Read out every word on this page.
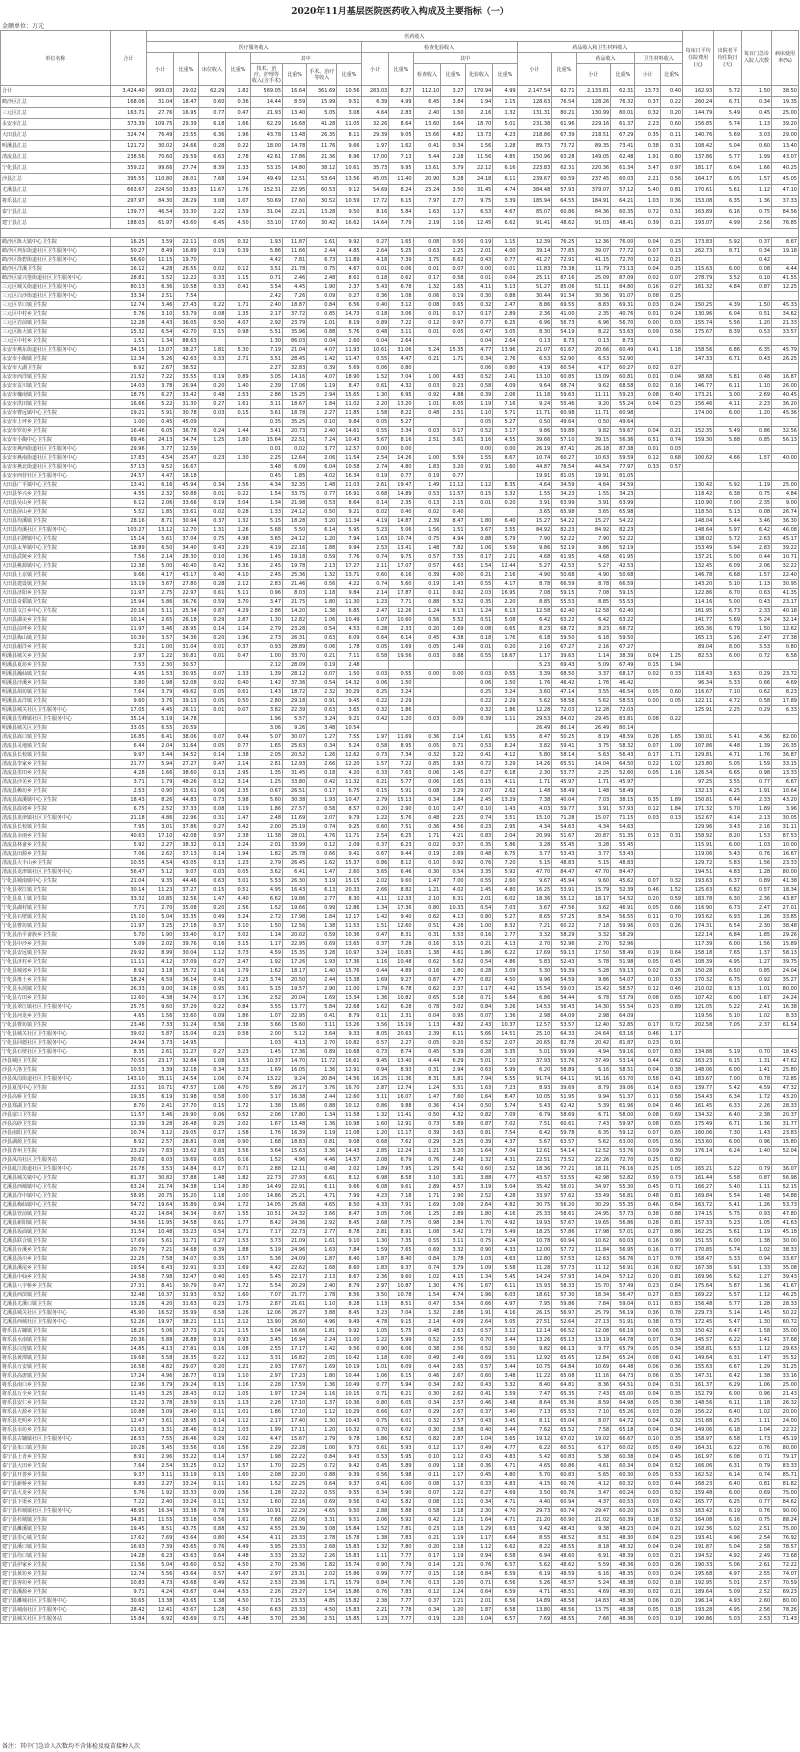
2020年11月基层医院医药收入构成及主要指标（一）
金额单位：万元
单位名称	合计	医药收入																				每床日平均住院费用(元)	出院者平均住院日(天)	每百门急诊入院人次数	病床使用率(%)
		医疗服务收入								检查化验收入						药品收入和卫生材料收入									
		小计	比重%	床位收入	比重%	其中				小计	比重%	其中				小计	比重%	药品收入		卫生材料收入					
						技术、治疗、护理等收入(含手术)	比重%	手术、治疗等收入	比重%			检查收入	比重%	化验收入	比重%			小计	比重%	小计	比重%				
合计	3,424.40	993.03	29.02	62.29	1.82	569.05	16.64	361.69	10.56	283.03	8.27	112.10	3.27	170.94	4.99	2,147.54	62.71	2,133.81	62.31	13.73	0.40	162.93	5.72	1.50	38.50
鹤沙区汇总	168.06	31.04	18.47	0.60	0.36	14.44	8.59	15.99	9.51	6.39	4.99	6.45	3.84	1.94	1.15	128.63	76.54	128.26	76.32	0.37	0.22	260.24	6.71	0.34	19.35
三元区汇总	163.71	27.76	16.95	0.77	0.47	21.93	13.40	5.05	3.08	4.64	2.83	2.40	1.50	2.16	1.32	131.31	80.21	130.99	80.01	0.32	0.20	144.79	5.49	0.45	25.00
永安市汇总	373.39	109.75	29.39	6.18	1.66	62.29	16.68	41.28	11.05	32.26	8.64	13.60	3.64	18.70	5.01	231.38	61.96	229.16	61.37	2.23	0.60	156.85	5.74	1.13	39.20
大田县汇总	324.74	76.49	23.55	6.36	1.96	43.78	13.48	26.35	8.11	29.39	9.05	15.66	4.82	13.73	4.23	218.86	67.39	218.51	67.29	0.35	0.11	140.76	5.69	3.03	29.00
明溪县汇总	121.72	30.02	24.66	0.28	0.22	18.00	14.78	11.76	9.66	1.97	1.62	0.41	0.34	1.56	1.28	89.73	73.72	89.35	73.41	0.38	0.31	108.42	5.04	0.60	13.40
清流县汇总	238.56	70.60	29.59	6.63	2.78	42.61	17.86	21.36	8.96	17.00	7.13	5.44	2.28	11.56	4.85	150.96	63.28	149.05	62.48	1.91	0.80	137.86	5.77	1.99	43.07
宁化县汇总	359.22	99.66	27.74	8.39	2.33	53.15	14.80	38.12	10.61	35.73	9.95	13.61	3.79	22.12	6.16	223.83	62.31	220.36	61.34	3.47	0.97	181.17	6.04	1.66	40.25
沙县汇总	395.55	110.80	28.01	7.68	1.94	49.49	12.51	53.64	13.56	45.05	11.40	20.90	5.28	24.18	6.11	239.67	60.59	237.45	60.03	2.21	0.56	164.17	6.05	1.57	45.05
尤溪县汇总	663.67	224.50	33.83	11.67	1.76	152.31	22.95	60.53	9.12	54.69	8.24	23.24	3.50	31.45	4.74	384.48	57.93	379.07	57.12	5.40	0.81	170.61	5.61	1.12	47.10
将乐县汇总	297.97	84.30	28.29	3.08	1.07	50.69	17.60	30.52	10.59	17.72	6.15	7.97	2.77	9.75	3.39	185.94	64.55	184.91	64.21	1.03	0.36	153.08	6.35	1.36	37.33
泰宁县汇总	139.77	46.54	33.30	2.22	1.59	31.04	22.21	13.28	9.50	8.16	5.84	1.63	1.17	6.53	4.67	85.07	60.86	84.36	60.35	0.72	0.51	163.89	6.16	0.75	84.56
建宁县汇总	188.03	61.97	43.60	6.45	4.50	33.10	17.60	30.42	16.62	14.64	7.79	2.19	1.16	12.45	6.62	91.41	48.62	91.03	48.41	0.39	0.21	193.07	4.99	2.56	76.85

鹤沙区陈大镇中心卫生院	16.25	3.59	22.11	0.05	0.32	1.93	11.87	1.61	9.92	0.27	1.65	0.08	0.50	0.19	1.15	12.39	76.25	12.36	76.00	0.04	0.25	173.83	5.92	0.37	8.67
鹤沙区列东街道社区卫生服务中心	50.27	8.49	16.89	0.19	0.39	5.86	11.66	2.44	4.85	2.64	5.25	0.63	1.25	2.01	4.00	39.14	77.85	39.07	77.72	0.07	0.13	262.73	8.71	0.34	19.18
鹤沙区徐碧街道社区卫生服务中心	56.60	11.15	19.70			4.42	7.81	6.73	11.89	4.18	7.39	3.75	6.62	0.43	0.77	41.27	72.91	41.15	72.70	0.12	0.21			0.42	
鹤沙区洋溪卫生院	16.12	4.28	26.55	0.02	0.12	3.51	21.78	0.75	4.67	0.01	0.06	0.01	0.07	0.00	0.01	11.83	73.38	11.79	73.13	0.04	0.25	115.63	6.00	0.08	4.44
鹤沙区富兴堡街道社区卫生服务中心	28.81	3.52	12.22	0.33	1.15	0.71	2.46	2.48	8.61	0.18	0.62	0.17	0.58	0.01	0.04	25.11	87.16	25.09	87.09	0.02	0.07	278.79	3.52	0.10	41.55
三元区城关街道社区卫生服务中心	80.13	6.36	10.58	0.33	0.41	3.54	4.45	1.90	2.37	5.43	6.78	1.32	1.65	4.11	5.13	51.27	85.06	51.11	84.80	0.16	0.27	161.32	4.84	0.87	12.25
三元区白沙街道社区卫生服务中心	33.34	2.51	7.54			2.42	7.26	0.09	0.27	0.36	1.08	0.06	0.19	0.30	0.88	30.44	91.34	30.36	91.07	0.08	0.25				
三元区莘口镇卫生院	12.74	3.46	27.43	0.22	1.71	2.40	18.87	0.84	6.56	0.40	3.12	0.08	0.65	0.32	2.47	8.86	69.55	8.83	69.31	0.03	0.24	150.25	4.39	1.50	45.33
三元区中村乡卫生院	5.76	3.10	53.79	0.08	1.35	2.17	37.72	0.85	14.73	0.18	3.06	0.01	0.17	0.17	2.89	2.36	41.00	2.35	40.76	0.01	0.24	130.96	6.04	0.51	34.62
三元区岩前镇卫生院	12.28	4.43	36.05	0.50	4.07	2.92	23.79	1.01	8.19	0.89	7.22	0.12	0.97	0.77	6.25	6.96	56.73	6.96	56.70	0.00	0.03	155.74	5.56	1.20	21.33
三元区陈大镇卫生院	15.32	6.54	42.70	0.15	0.98	5.51	35.96	0.88	5.76	0.48	3.11	0.01	0.05	0.47	3.05	8.30	54.19	8.22	53.63	0.09	0.56	175.67	8.39	0.53	33.57
三元区中村乡卫生院	1.51	1.34	88.63			1.30	86.03	0.04	2.60	0.04	2.64			0.04	2.64	0.13	8.73	0.13	8.73						
永安市燕东街道社区卫生服务中心	34.15	13.07	38.27	1.81	5.30	7.19	21.04	4.07	11.93	10.61	31.06	5.24	15.35	4.77	13.96	21.07	61.67	20.66	60.49	0.41	1.18	158.56	6.86	6.35	45.79
永安市小陶镇卫生院	12.34	5.26	42.63	0.33	2.71	3.51	28.45	1.42	11.47	0.55	4.47	0.21	1.71	0.34	2.76	6.53	52.90	6.53	52.90			147.33	6.71	0.43	26.25
永安市大湖卫生院	6.92	2.67	38.52			2.27	32.83	0.39	5.69	0.06	0.80			0.06	0.80	4.19	60.54	4.17	60.27	0.02	0.27				
永安市西洋镇卫生院	21.52	7.22	33.55	0.19	0.89	3.05	14.16	4.07	18.90	1.52	7.04	1.00	4.63	0.52	2.41	13.10	60.85	13.09	60.81	0.01	0.04	98.68	5.81	0.48	16.87
永安市贡川镇卫生院	14.03	3.78	26.94	0.20	1.40	2.39	17.06	1.19	8.47	0.61	4.32	0.03	0.23	0.58	4.09	9.64	68.74	9.62	68.58	0.02	0.16	146.77	6.11	1.10	26.00
永安市槐南镇卫生院	18.75	6.27	33.42	0.48	2.53	2.86	15.25	2.94	15.65	1.30	6.95	0.92	4.88	0.39	2.06	11.18	59.63	11.11	59.23	0.08	0.40	173.21	3.00	2.69	40.45
永安市洪田镇卫生院	16.66	5.22	31.30	0.27	1.61	3.11	18.67	1.84	11.02	2.20	13.20	1.01	6.05	1.19	7.16	9.24	55.46	9.20	55.24	0.04	0.23	156.46	4.11	2.23	36.20
永安市曹远镇中心卫生院	19.21	5.91	30.78	0.03	0.15	3.61	18.78	2.27	11.85	1.58	8.22	0.48	2.51	1.10	5.71	11.71	60.98	11.71	60.98			174.00	6.00	1.20	45.36
永安市上坪乡卫生院	1.00	0.45	45.09			0.35	35.25	0.10	9.84	0.05	5.27			0.05	5.27	0.50	49.64	0.50	49.64						
永安市罗坊乡卫生院	16.46	6.05	36.78	0.24	1.44	3.41	20.73	2.40	14.61	0.55	3.34	0.03	0.17	0.52	3.17	9.86	59.88	9.82	59.67	0.04	0.21	152.35	5.49	0.86	32.56
永安市小陶中心卫生院	69.46	24.13	34.74	1.25	1.80	15.64	22.51	7.24	10.43	5.67	8.16	2.51	3.61	3.16	4.55	39.66	57.10	39.15	56.36	0.51	0.74	159.30	5.88	0.85	56.13
永安市燕西街道社区卫生服务中心	29.96	3.77	12.59			0.01	0.02	3.77	12.57	0.00	0.00			0.00	0.00	26.19	87.41	26.18	87.38	0.01	0.03				
永安市燕南街道社区卫生服务中心	17.83	4.54	25.47	0.23	1.30	2.25	12.64	2.06	11.54	2.54	14.26	1.00	5.59	1.55	8.67	10.74	60.27	10.63	59.59	0.12	0.68	100.62	4.66	1.57	40.00
永安市燕北街道社区卫生服务中心	57.13	9.52	16.67			3.48	6.09	6.04	10.58	2.74	4.80	1.83	3.20	0.91	1.60	44.87	78.54	44.54	77.97	0.33	0.57				
永安市西营社区卫生服务中心	24.57	4.47	18.18			0.45	1.85	4.02	16.34	0.19	0.77	0.19	0.77			19.91	81.05	19.91	81.05						
大田县广平镇中心卫生院	13.41	6.16	45.94	0.34	2.56	4.34	32.35	1.48	11.03	2.61	19.47	1.49	11.12	1.12	8.35	4.64	34.59	4.64	34.59			130.42	5.92	1.19	25.00
大田县华兴乡卫生院	4.55	2.32	50.88	0.01	0.22	1.54	33.75	0.77	16.91	0.68	14.89	0.53	11.57	0.15	3.32	1.55	34.23	1.55	34.23			118.42	6.38	0.75	4.84
大田县吴山乡卫生院	6.12	2.06	33.66	0.19	3.04	1.34	21.98	0.53	8.64	0.14	2.35	0.13	2.15	0.01	0.20	3.91	63.99	3.91	63.99			110.90	7.00	2.35	9.00
大田县屏山乡卫生院	5.52	1.85	33.61	0.02	0.28	1.33	24.12	0.50	9.21	0.02	0.40	0.02	0.40			3.65	65.98	3.65	65.98			118.50	5.13	0.08	26.74
大田县均溪镇卫生院	28.16	8.71	30.94	0.37	1.32	5.15	18.28	3.20	11.34	4.19	14.87	2.39	8.47	1.80	6.40	15.27	54.22	15.27	54.22			148.04	5.44	3.46	36.30
大田县均溪社区卫生服务中心	103.27	13.12	12.70	1.31	1.26	5.68	5.50	6.14	5.95	5.23	5.06	1.56	1.51	3.67	3.55	84.92	82.23	84.92	82.23			148.64	5.97	6.42	46.08
大田县石牌镇中心卫生院	15.14	5.61	37.04	0.75	4.98	3.65	24.12	1.20	7.94	1.63	10.74	0.75	4.94	0.88	5.79	7.90	52.22	7.90	52.22			138.02	5.72	2.63	45.17
大田县太华镇中心卫生院	18.89	6.50	34.40	0.43	2.29	4.19	22.16	1.88	9.94	2.53	13.41	1.48	7.82	1.06	5.59	9.86	52.19	9.86	52.19			153.49	5.94	2.83	39.22
大田县武陵乡卫生院	7.56	2.14	28.30	0.10	1.36	1.45	19.18	0.59	7.76	0.74	9.75	0.57	7.55	0.17	2.21	4.68	61.95	4.68	61.95			137.21	5.00	0.44	10.71
大田县桃源镇中心卫生院	12.38	5.00	40.40	0.42	3.36	2.45	19.78	2.13	17.27	2.11	17.07	0.57	4.63	1.54	12.44	5.27	42.53	5.27	42.53			132.45	6.09	2.06	32.22
大田县上京镇卫生院	9.66	4.17	43.17	0.40	4.10	2.45	25.36	1.32	13.71	0.60	6.16	0.39	4.00	0.21	2.16	4.90	50.68	4.90	50.68			146.78	6.68	1.57	22.40
大田县建设镇卫生院	13.19	3.67	27.80	0.28	2.12	2.83	21.46	0.56	4.22	0.74	5.60	0.19	1.43	0.55	4.17	8.78	66.59	8.78	66.59			143.20	5.10	1.13	30.95
大田县济阳乡卫生院	11.97	2.75	22.97	0.61	5.11	0.96	8.03	1.18	9.84	2.14	17.87	0.11	0.92	2.03	16.95	7.08	59.15	7.08	59.15			122.86	6.70	0.63	41.35
大田县奇韬镇卫生院	15.94	5.86	36.76	0.59	3.70	3.47	21.75	1.80	11.30	1.23	7.71	0.88	5.52	0.35	2.20	8.85	55.53	8.85	55.53			114.16	5.00	0.43	23.17
大田县文江乡中心卫生院	20.16	5.11	25.34	0.87	4.29	2.86	14.20	1.38	6.85	2.47	12.26	1.24	6.13	1.24	6.13	12.58	62.40	12.58	62.40			161.95	6.73	2.33	40.18
大田县湖美乡卫生院	10.14	2.65	26.18	0.29	2.87	1.30	12.82	1.06	10.49	1.07	10.60	0.56	5.52	0.51	5.08	6.42	63.22	6.42	63.22			141.77	5.69	5.24	32.14
大田县前坪乡卫生院	11.97	3.46	28.95	0.14	1.14	2.79	23.28	0.54	4.53	0.28	2.33	0.20	1.69	0.08	0.65	8.23	68.72	8.23	68.72			165.36	6.79	1.50	12.62
大田县梅山镇卫生院	10.39	3.57	34.36	0.20	1.96	2.73	26.31	0.63	6.09	0.64	6.14	0.45	4.38	0.18	1.76	6.18	59.50	6.18	59.50			165.13	5.26	2.47	27.38
大田县谢洋乡卫生院	3.21	1.00	31.04	0.01	0.37	0.93	28.89	0.06	1.78	0.05	1.69	0.05	1.49	0.01	0.20	2.16	67.27	2.16	67.27			89.04	8.00	3.53	0.80
明溪县城关乡卫生院	2.97	1.22	30.81	0.01	0.47	1.00	33.70	0.21	7.11	0.58	19.56	0.03	0.88	0.55	18.67	1.17	39.63	1.14	38.39	0.04	1.25	82.53	6.00	0.72	6.58
明溪县夏坊乡卫生院	7.53	2.30	30.57			2.12	28.09	0.19	2.48							5.23	69.43	5.09	67.49	0.15	1.94				
明溪县瀚仙镇卫生院	4.95	1.53	30.95	0.07	1.33	1.39	28.12	0.07	1.50	0.03	0.55	0.00	0.00	0.03	0.55	3.39	68.50	3.37	68.17	0.02	0.33	118.43	3.63	0.29	23.72
明溪县沙溪乡卫生院	3.80	1.98	52.08	0.02	0.40	1.42	37.36	0.54	14.32	0.06	1.50			0.06	1.50	1.76	46.42	1.76	46.42			96.34	5.33	0.66	4.69
明溪县胡坊镇卫生院	7.64	3.79	49.62	0.05	0.61	1.43	18.72	2.32	30.29	0.25	3.24			0.25	3.24	3.60	47.14	3.55	46.54	0.05	0.60	116.67	7.10	0.62	8.23
明溪县盖洋镇卫生院	9.60	3.76	39.13	0.05	0.50	2.80	29.18	0.91	9.45	0.22	2.29			0.22	2.29	5.62	58.58	5.62	58.53	0.00	0.05	122.11	4.72	0.58	17.89
明溪县城关社区卫生服务中心	17.05	4.45	26.11	0.01	0.07	3.82	22.39	0.63	3.65	0.32	1.86			0.32	1.86	12.28	72.03	12.28	72.03			125.91	2.25	0.29	6.33
明溪县雪峰镇社区卫生服务中心	35.14	5.19	14.78			1.96	5.57	3.24	9.21	0.42	1.20	0.03	0.09	0.39	1.11	29.53	84.02	29.45	83.81	0.08	0.22				
明溪县城关区卫生院	33.05	6.55	20.59			3.06	9.26	3.48	10.54							26.49	80.14	26.49	80.14						
清流县嵩口镇卫生院	16.85	6.41	38.06	0.07	0.44	5.07	30.07	1.27	7.55	1.97	11.69	0.36	2.14	1.61	9.55	8.47	50.25	8.19	48.59	0.28	1.65	130.01	5.41	4.36	82.00
清流县灵地镇卫生院	6.44	2.04	31.64	0.05	0.77	1.65	25.63	0.34	5.24	0.58	8.95	0.05	0.71	0.53	8.24	3.82	59.41	3.75	58.32	0.07	1.09	107.86	4.48	1.39	26.35
清流县长校镇卫生院	9.97	3.44	34.52	0.14	1.38	2.05	20.52	1.26	12.62	0.73	7.34	0.32	3.22	0.41	4.12	5.80	58.14	5.63	56.43	0.17	1.71	129.81	4.71	1.76	36.87
清流县李家乡卫生院	21.77	5.94	27.27	0.47	2.14	2.81	12.93	2.66	12.20	1.57	7.22	0.85	3.93	0.72	3.29	14.26	65.51	14.04	64.50	0.22	1.02	123.80	5.05	1.59	33.15
清流县里田乡卫生院	4.28	1.66	38.60	0.13	2.95	1.35	31.45	0.18	4.20	0.33	7.63	0.06	1.45	0.27	6.18	2.30	53.77	2.25	52.60	0.05	1.16	126.54	6.65	0.98	13.33
清流县沙芜乡卫生院	3.71	1.79	48.26	0.12	3.14	1.25	33.80	0.42	11.32	0.21	5.77	0.06	1.65	0.15	4.11	1.71	45.97	1.71	45.97			97.25	3.55	0.77	6.67
清流县赖坊乡卫生院	2.53	0.90	35.61	0.06	2.35	0.67	26.51	0.17	6.75	0.15	5.91	0.08	3.29	0.07	2.62	1.48	58.49	1.48	58.49			132.13	4.25	1.91	10.64
清流县嵩溪镇中心卫生院	18.43	8.26	44.83	0.73	3.98	5.60	30.38	1.93	10.47	2.79	15.13	0.34	1.84	2.45	13.29	7.38	40.04	7.03	38.15	0.35	1.89	150.81	6.44	2.33	43.20
清流县温郊乡卫生院	6.75	2.52	37.33	0.08	1.19	1.86	27.57	0.58	8.57	0.20	2.90	0.10	1.47	0.10	1.43	4.03	59.77	3.91	57.93	0.12	1.84	171.32	5.70	1.89	3.96
清流县龙津镇社区卫生服务中心	21.18	4.86	22.96	0.31	1.47	2.48	11.69	2.07	9.79	1.22	5.76	0.48	2.25	0.74	3.51	15.10	71.28	15.07	71.15	0.03	0.13	152.67	4.14	2.13	30.05
清流县长校镇卫生院	7.95	3.01	37.86	0.27	3.42	2.00	25.19	0.74	9.25	0.60	7.51	0.36	4.56	0.23	2.95	4.34	54.63	4.34	54.63			129.96	3.43	2.16	31.11
清流县余朋乡卫生院	40.63	17.10	42.08	0.97	2.38	11.38	28.01	4.76	11.71	2.54	6.25	1.71	4.21	0.83	2.04	20.99	51.67	20.87	51.35	0.13	0.31	158.92	8.20	1.53	87.53
清流县林畲乡卫生院	5.92	2.27	38.32	0.13	2.24	2.01	33.99	0.12	2.09	0.37	6.23	0.02	0.37	0.35	5.86	3.28	55.45	3.28	55.45			115.91	6.00	1.03	10.00
清流县田源乡卫生院	7.06	2.62	37.13	0.14	1.94	1.82	25.78	0.66	9.41	0.67	9.44	0.19	2.69	0.48	6.75	3.77	53.43	3.77	53.43			119.06	5.43	0.76	16.67
清流县大丰山乡卫生院	10.55	4.54	43.05	0.13	1.23	2.79	26.45	1.62	15.37	0.86	8.12	0.10	0.92	0.76	7.20	5.15	48.83	5.15	48.83			129.72	5.83	1.56	23.33
清流县龙津镇社区卫生服务中心	56.47	5.12	9.07	0.03	0.05	3.62	6.41	1.47	2.60	3.65	6.46	0.30	0.54	3.35	5.92	47.70	84.47	47.70	84.47			194.51	4.83	1.28	80.00
宁化县城南镇中心卫生院	21.04	9.35	44.46	0.63	3.01	5.53	26.30	3.19	15.15	2.02	9.60	1.47	7.00	0.55	2.60	9.67	45.94	9.60	45.62	0.07	0.32	193.63	6.37	0.89	41.38
宁化县翠江镇卫生院	30.14	11.23	37.27	0.15	0.51	4.95	16.43	6.13	20.33	2.66	8.82	1.21	4.02	1.45	4.80	16.25	53.91	15.79	52.39	0.46	1.52	125.63	6.82	0.57	18.34
宁化县泉上镇卫生院	33.32	10.85	32.56	1.47	4.40	6.62	19.86	2.77	8.30	4.11	12.33	2.10	6.31	2.01	6.02	18.36	55.12	18.17	54.52	0.20	0.59	183.78	6.30	2.36	43.87
宁化县湖村镇卫生院	7.71	2.70	35.08	0.20	2.56	1.52	19.66	0.99	12.86	1.34	17.36	0.80	10.33	0.54	7.03	3.67	47.56	3.62	46.91	0.05	0.66	116.90	6.73	2.47	27.01
宁化县石壁镇卫生院	15.10	5.04	33.35	0.49	3.24	2.72	17.98	1.84	12.17	1.42	9.40	0.62	4.13	0.80	5.27	8.65	57.25	8.54	56.55	0.11	0.70	193.62	6.93	1.26	33.85
宁化县曹坊镇卫生院	11.97	3.25	27.18	0.37	3.10	1.50	12.56	1.38	11.53	1.51	12.60	0.51	4.28	1.00	8.32	7.21	60.22	7.18	59.96	0.03	0.26	174.31	6.54	2.30	38.48
宁化县治平畲族乡卫生院	5.70	1.90	33.40	0.17	3.02	1.14	20.02	0.59	10.36	0.47	8.31	0.31	5.53	0.16	2.77	3.32	58.29	3.32	58.29			122.14	6.84	1.85	29.26
宁化县中沙乡卫生院	5.09	2.02	39.76	0.16	3.15	1.17	22.95	0.69	13.65	0.37	7.28	0.16	3.15	0.21	4.13	2.70	52.96	2.70	52.96			117.39	6.00	1.56	15.89
宁化县安远镇卫生院	29.92	8.99	30.04	1.12	3.73	4.59	15.35	3.28	10.97	3.24	10.83	1.38	4.61	1.86	6.22	17.69	59.13	17.50	58.49	0.19	0.64	158.18	7.65	1.37	58.13
宁化县济村乡卫生院	11.11	4.12	37.09	0.27	2.47	1.92	17.26	1.93	17.36	1.16	10.48	0.62	5.62	0.54	4.86	5.83	52.43	5.78	51.98	0.05	0.45	108.39	4.95	1.27	39.75
宁化县城郊乡卫生院	8.92	3.18	35.72	0.16	1.79	1.62	18.17	1.40	15.76	0.44	4.89	0.16	1.80	0.28	3.09	5.30	59.39	5.28	59.13	0.02	0.26	150.28	6.50	0.85	24.04
宁化县淮土乡卫生院	18.24	6.59	36.14	0.41	2.25	3.74	20.50	2.44	13.38	1.69	9.27	0.87	4.77	0.82	4.50	9.96	54.59	9.86	54.07	0.10	0.53	170.32	6.75	0.92	35.27
宁化县水茜镇卫生院	26.33	9.00	34.18	0.95	3.61	5.15	19.57	2.90	11.00	1.79	6.78	0.62	2.37	1.17	4.42	15.54	59.03	15.42	58.57	0.12	0.46	210.02	8.13	1.01	80.00
宁化县方田乡卫生院	12.60	4.38	34.74	0.17	1.36	2.52	20.04	1.69	13.34	1.36	10.82	0.65	5.18	0.71	5.64	6.86	54.44	6.78	53.79	0.08	0.65	107.42	6.00	1.67	24.24
宁化县翠江镇社区卫生服务中心	25.75	9.60	37.29	0.22	0.84	3.55	13.77	5.84	22.68	1.62	6.28	0.78	3.02	0.84	3.26	14.53	56.43	14.30	55.54	0.23	0.89	121.05	5.22	2.41	16.38
宁化县河龙乡卫生院	4.65	1.56	33.60	0.09	1.86	1.07	22.95	0.41	8.79	0.11	2.31	0.04	0.95	0.07	1.36	2.98	64.09	2.98	64.09			119.56	5.10	1.02	8.33
宁化县曹坊镇卫生院	23.46	7.33	31.24	0.56	2.38	3.66	15.60	3.11	13.26	3.56	15.19	1.13	4.82	2.43	10.37	12.57	53.57	12.40	52.85	0.17	0.72	202.58	7.05	2.37	61.54
宁化县城关社区卫生服务中心	39.02	5.87	15.04	0.23	0.58	2.00	5.12	3.64	9.33	8.05	20.63	2.39	6.11	5.66	14.51	25.10	64.33	24.64	63.16	0.46	1.17				
宁化县同德社区卫生服务中心	24.94	3.73	14.95			1.03	4.13	2.70	10.82	0.57	2.27	0.05	0.20	0.52	2.07	20.65	82.78	20.42	81.87	0.23	0.91				
宁化县石壁社区卫生服务中心	8.35	2.61	31.27	0.27	3.23	1.45	17.36	0.89	10.68	0.73	8.74	0.45	5.39	0.28	3.35	5.01	59.99	4.94	59.16	0.07	0.83	134.88	5.19	0.70	18.43
沙县城区卫生院	70.55	23.17	32.84	1.08	1.53	10.37	14.70	11.72	16.61	9.45	13.40	4.44	6.29	5.01	7.10	37.93	53.76	37.49	53.14	0.44	0.62	163.23	6.15	1.31	47.62
沙县大洛卫生院	10.53	3.39	32.18	0.34	3.23	1.69	16.05	1.36	12.91	0.94	8.93	0.31	2.94	0.63	5.99	6.20	58.89	6.16	58.51	0.04	0.38	148.06	6.00	1.41	25.80
沙县凤岗街道社区卫生服务中心	143.10	35.11	24.54	1.06	0.74	13.22	9.24	20.84	14.56	16.25	11.36	8.31	5.81	7.94	5.55	91.74	64.11	91.16	63.70	0.58	0.41	183.67	7.00	0.78	72.85
沙县夏茂中心卫生院	22.51	10.71	47.57	1.06	4.70	5.89	26.17	3.76	16.70	2.87	12.74	1.24	5.51	1.63	7.23	8.93	39.69	8.79	39.06	0.14	0.63	139.77	5.42	4.59	47.32
沙县高桥卫生院	19.35	6.19	31.98	0.58	3.00	3.17	16.38	2.44	12.60	3.11	16.07	1.47	7.60	1.64	8.47	10.05	51.95	9.94	51.37	0.11	0.58	154.43	6.34	1.72	43.20
沙县郑湖卫生院	8.70	2.41	27.70	0.15	1.72	1.38	15.86	0.88	10.12	0.86	9.88	0.36	4.14	0.50	5.74	5.43	62.42	5.39	61.96	0.04	0.46	161.45	6.33	2.26	28.33
沙县富口卫生院	11.57	3.46	29.90	0.06	0.52	2.06	17.80	1.34	11.58	1.32	11.41	0.50	4.32	0.82	7.09	6.79	58.69	6.71	58.00	0.08	0.69	134.32	6.40	2.38	20.37
沙县高砂卫生院	12.39	3.28	26.48	0.25	2.02	1.67	13.48	1.36	10.98	1.60	12.91	0.73	5.89	0.87	7.02	7.51	60.61	7.43	59.97	0.08	0.65	175.49	6.71	1.36	31.77
沙县南阳卫生院	10.74	3.12	29.05	0.17	1.58	1.76	16.39	1.19	11.08	1.20	11.17	0.39	3.63	0.81	7.54	6.42	59.78	6.35	59.12	0.07	0.65	160.06	7.30	1.43	23.83
沙县湖源卫生院	8.92	2.57	28.81	0.08	0.90	1.68	18.83	0.81	9.08	0.68	7.62	0.29	3.25	0.39	4.37	5.67	63.57	5.62	63.00	0.05	0.56	153.60	6.00	0.96	15.80
沙县青州卫生院	23.29	7.83	33.62	0.83	3.56	3.64	15.63	3.36	14.43	2.85	12.24	1.21	5.20	1.64	7.04	12.61	54.14	12.52	53.76	0.09	0.39	176.14	6.24	1.40	52.04
沙县凤岗社区卫生服务站	30.62	6.03	19.69	0.05	0.16	1.52	4.96	4.46	14.57	2.08	6.79	0.76	2.48	1.32	4.31	22.51	73.52	22.26	72.70	0.25	0.82				
沙县虬江街道社区卫生服务中心	23.78	3.53	14.84	0.17	0.71	2.88	12.11	0.48	2.02	1.89	7.95	1.29	5.42	0.60	2.52	18.36	77.21	18.11	76.16	0.25	1.05	165.21	5.22	0.79	36.07
尤溪县城关镇中心卫生院	81.37	30.82	37.88	1.48	1.82	22.73	27.93	6.61	8.12	6.98	8.58	3.10	3.81	3.88	4.77	43.57	53.55	42.98	52.82	0.59	0.73	161.44	5.58	0.87	56.98
尤溪县西城镇中心卫生院	63.24	21.74	34.38	1.14	1.80	14.49	22.91	6.11	9.66	6.08	9.61	2.89	4.57	3.19	5.04	35.42	56.01	34.97	55.30	0.45	0.71	166.27	5.40	1.11	52.15
尤溪县洋中镇中心卫生院	58.95	20.75	35.20	1.18	2.00	14.86	25.21	4.71	7.99	4.23	7.18	1.71	2.90	2.52	4.28	33.97	57.62	33.49	56.81	0.48	0.81	169.84	5.54	1.48	54.88
尤溪县梅仙镇中心卫生院	54.72	19.64	35.89	0.94	1.72	14.05	25.68	4.65	8.50	4.33	7.91	1.69	3.09	2.64	4.82	30.75	56.20	30.29	55.35	0.46	0.84	163.72	5.41	1.26	53.73
尤溪县管前镇卫生院	43.22	14.84	34.34	0.67	1.55	10.51	24.32	3.66	8.47	3.05	7.06	1.25	2.89	1.80	4.16	25.33	58.61	24.95	57.73	0.38	0.88	174.15	5.75	0.93	47.80
尤溪县新阳镇卫生院	34.56	11.95	34.58	0.61	1.77	8.42	24.36	2.92	8.45	2.68	7.75	0.98	2.84	1.70	4.92	19.93	57.67	19.65	56.86	0.28	0.81	157.33	5.23	1.05	41.63
尤溪县坂面镇卫生院	31.54	10.48	33.23	0.54	1.71	7.17	22.73	2.77	8.78	2.81	8.91	1.08	3.42	1.73	5.49	18.25	57.86	17.98	57.01	0.27	0.86	162.25	5.61	1.19	45.18
尤溪县联合镇卫生院	17.69	5.61	31.71	0.27	1.53	3.73	21.09	1.61	9.10	1.30	7.35	0.55	3.11	0.75	4.24	10.78	60.94	10.62	60.03	0.16	0.90	151.55	6.00	1.38	30.00
尤溪县台溪乡卫生院	20.79	7.21	34.68	0.39	1.88	5.19	24.96	1.63	7.84	1.59	7.65	0.69	3.32	0.90	4.33	12.00	57.72	11.84	56.95	0.16	0.77	170.85	5.74	1.02	38.33
尤溪县汤川乡卫生院	22.25	7.58	34.07	0.35	1.57	5.36	24.09	1.87	8.40	1.87	8.40	0.84	3.78	1.03	4.63	12.80	57.53	12.63	56.76	0.17	0.76	158.47	5.33	0.94	33.67
尤溪县溪尾乡卫生院	19.54	6.43	32.91	0.33	1.69	4.42	22.62	1.68	8.60	1.83	9.37	0.74	3.79	1.09	5.58	11.28	57.73	11.12	56.91	0.16	0.82	167.38	5.91	1.33	35.08
尤溪县中仙乡卫生院	24.58	7.98	32.47	0.40	1.63	5.45	22.17	2.13	8.67	2.36	9.60	1.02	4.15	1.34	5.45	14.24	57.93	14.04	57.12	0.20	0.81	169.96	5.62	1.27	39.43
尤溪县八字桥乡卫生院	27.31	8.41	30.79	0.47	1.72	5.54	20.29	2.40	8.79	2.97	10.87	1.30	4.76	1.67	6.11	15.93	58.33	15.70	57.49	0.23	0.84	175.64	5.87	1.36	41.67
尤溪县西滨镇卫生院	32.48	10.37	31.93	0.52	1.60	7.07	21.77	2.78	8.56	3.50	10.78	1.54	4.74	1.96	6.03	18.61	57.30	18.34	56.47	0.27	0.83	169.22	5.57	1.12	46.25
尤溪县尤溪口镇卫生院	13.28	4.20	31.63	0.23	1.73	2.87	21.61	1.10	8.28	1.13	8.51	0.47	3.54	0.66	4.97	7.95	59.86	7.84	59.04	0.11	0.83	156.48	5.77	1.28	28.33
尤溪县城关社区卫生服务中心	45.90	16.52	35.99	0.58	1.26	12.06	26.27	3.88	8.45	3.23	7.04	1.32	2.88	1.91	4.16	26.15	56.97	25.79	56.19	0.36	0.78	229.73	5.14	1.45	50.22
尤溪县西城社区卫生服务中心	52.26	19.97	38.21	1.11	2.12	13.90	26.60	4.96	9.49	4.78	9.15	2.14	4.09	2.64	5.05	27.51	52.64	27.13	51.91	0.38	0.73	172.45	5.47	1.30	60.72
将乐县古镛镇卫生院	18.25	5.06	27.73	0.21	1.15	3.04	16.66	1.81	9.92	1.05	5.75	0.48	2.63	0.57	3.12	12.14	66.52	12.08	66.19	0.06	0.33	150.42	6.47	1.58	35.00
将乐县水南镇卫生院	20.36	5.88	28.88	0.19	0.93	3.45	16.94	2.24	11.00	1.22	5.99	0.52	2.55	0.70	3.44	13.26	65.13	13.19	64.78	0.07	0.34	145.57	6.22	1.41	37.68
将乐县白莲镇卫生院	14.85	4.13	27.81	0.16	1.08	2.55	17.17	1.42	9.56	0.90	6.06	0.38	2.56	0.52	3.50	9.82	66.13	9.77	65.79	0.05	0.34	158.81	6.53	1.12	29.63
将乐县黄潭镇卫生院	19.68	5.58	28.35	0.22	1.12	3.31	16.82	2.05	10.42	1.18	6.00	0.49	2.49	0.69	3.51	12.92	65.65	12.84	65.24	0.08	0.41	149.64	6.31	1.47	35.52
将乐县万安镇卫生院	16.58	4.82	29.07	0.20	1.21	2.93	17.67	1.69	10.19	1.01	6.09	0.44	2.65	0.57	3.44	10.75	64.84	10.69	64.48	0.06	0.36	155.63	6.67	1.29	31.25
将乐县高唐镇卫生院	17.24	4.96	28.77	0.19	1.10	2.97	17.23	1.80	10.44	1.06	6.15	0.46	2.67	0.60	3.48	11.22	65.08	11.16	64.73	0.06	0.35	147.31	6.42	1.38	33.16
将乐县南口乡卫生院	12.96	3.79	29.24	0.15	1.16	2.28	17.59	1.36	10.49	0.77	5.94	0.34	2.62	0.43	3.32	8.40	64.81	8.36	64.51	0.04	0.31	161.37	6.29	1.06	25.00
将乐县万全乡卫生院	11.43	3.25	28.43	0.12	1.05	1.97	17.24	1.16	10.15	0.71	6.21	0.30	2.62	0.41	3.59	7.47	65.35	7.43	65.00	0.04	0.35	152.79	6.00	0.96	21.43
将乐县安仁乡卫生院	13.22	3.78	28.59	0.15	1.13	2.26	17.10	1.37	10.36	0.80	6.05	0.34	2.57	0.46	3.48	8.64	65.36	8.59	64.98	0.05	0.38	148.56	6.11	1.18	26.32
将乐县大源乡卫生院	10.88	3.09	28.40	0.11	1.01	1.86	17.10	1.12	10.29	0.66	6.07	0.29	2.67	0.37	3.40	7.13	65.53	7.10	65.26	0.03	0.28	156.22	6.40	1.02	20.00
将乐县光明乡卫生院	12.47	3.61	28.95	0.14	1.12	2.17	17.40	1.30	10.43	0.75	6.01	0.32	2.57	0.43	3.45	8.11	65.04	8.07	64.72	0.04	0.32	151.88	6.25	1.11	24.00
将乐县余坊乡卫生院	11.63	3.31	28.46	0.12	1.03	1.99	17.11	1.20	10.32	0.70	6.02	0.30	2.58	0.40	3.44	7.62	65.52	7.58	65.18	0.04	0.34	149.06	6.18	1.04	22.22
将乐县古镛镇社区卫生服务中心	28.53	7.55	26.46	0.29	1.02	4.47	15.67	2.79	9.78	1.86	6.52	0.82	2.87	1.04	3.65	19.12	67.02	19.02	66.67	0.10	0.35	158.97	6.58	1.73	45.19
泰宁县朱口镇卫生院	10.28	3.45	33.56	0.16	1.56	2.29	22.28	1.00	9.73	0.61	5.93	0.12	1.17	0.49	4.77	6.22	60.51	6.17	60.02	0.05	0.49	164.31	6.22	0.76	80.00
泰宁县上青乡卫生院	8.91	2.96	33.22	0.14	1.57	1.98	22.22	0.84	9.43	0.53	5.95	0.10	1.12	0.43	4.83	5.42	60.83	5.38	60.38	0.04	0.45	161.97	6.08	0.71	79.17
泰宁县大田乡卫生院	7.64	2.54	33.25	0.12	1.57	1.70	22.25	0.72	9.42	0.45	5.89	0.09	1.18	0.36	4.71	4.65	60.86	4.61	60.34	0.04	0.52	166.06	6.31	0.79	83.33
泰宁县开善乡卫生院	9.37	3.11	33.19	0.15	1.60	2.08	22.20	0.88	9.39	0.56	5.98	0.11	1.17	0.45	4.80	5.70	60.83	5.65	60.30	0.05	0.53	162.52	6.14	0.74	85.71
泰宁县新桥乡卫生院	6.83	2.27	33.24	0.11	1.61	1.52	22.25	0.64	9.37	0.41	6.00	0.08	1.17	0.33	4.83	4.15	60.76	4.12	60.32	0.03	0.44	168.23	6.40	0.81	81.82
泰宁县大龙乡卫生院	5.76	1.92	33.33	0.09	1.56	1.28	22.22	0.55	9.55	0.34	5.90	0.07	1.22	0.27	4.69	3.50	60.76	3.47	60.24	0.03	0.52	159.48	6.00	0.69	75.00
泰宁县下渠乡卫生院	7.22	2.40	33.24	0.11	1.52	1.60	22.16	0.69	9.56	0.42	5.82	0.08	1.11	0.34	4.71	4.40	60.94	4.37	60.53	0.03	0.42	165.77	6.25	0.77	84.62
泰宁县杉城镇社区卫生服务中心	48.95	16.34	33.38	0.78	1.59	10.91	22.29	4.65	9.50	2.88	5.88	0.58	1.18	2.30	4.70	29.73	60.74	29.47	60.20	0.26	0.53	163.42	6.19	0.76	90.00
泰宁县杉城镇卫生院	34.81	11.55	33.18	0.56	1.61	7.68	22.06	3.31	9.51	2.06	5.92	0.42	1.21	1.64	4.71	21.20	60.90	21.02	60.39	0.18	0.52	164.08	6.16	0.75	88.24
建宁县濉溪镇卫生院	19.45	8.51	43.75	0.88	4.52	4.55	23.39	3.08	15.84	1.52	7.81	0.23	1.18	1.29	6.63	9.42	48.43	9.38	48.23	0.04	0.21	192.36	5.02	2.51	75.00
建宁县里心镇卫生院	17.62	7.69	43.64	0.80	4.54	4.11	23.33	2.78	15.78	1.38	7.83	0.21	1.19	1.17	6.64	8.55	48.52	8.51	48.30	0.04	0.23	193.41	4.96	2.54	76.92
建宁县溪口镇卫生院	16.93	7.39	43.65	0.76	4.49	3.95	23.33	2.68	15.83	1.32	7.80	0.20	1.18	1.12	6.62	8.22	48.55	8.18	48.32	0.04	0.24	191.87	5.04	2.58	78.57
建宁县均口镇卫生院	14.28	6.23	43.63	0.64	4.48	3.33	23.32	2.26	15.83	1.11	7.77	0.17	1.19	0.94	6.58	6.94	48.60	6.91	48.39	0.03	0.21	194.52	4.92	2.49	73.68
建宁县伊家乡卫生院	11.56	5.04	43.60	0.52	4.50	2.70	23.36	1.82	15.74	0.90	7.79	0.14	1.21	0.76	6.57	5.62	48.62	5.59	48.36	0.03	0.26	190.33	5.06	2.61	72.22
建宁县黄坊乡卫生院	12.74	5.56	43.64	0.57	4.47	2.97	23.31	2.02	15.86	0.99	7.77	0.15	1.18	0.84	6.59	6.19	48.59	6.16	48.35	0.03	0.24	195.68	4.97	2.55	74.07
建宁县客坊乡卫生院	10.83	4.73	43.68	0.49	4.52	2.53	23.36	1.71	15.79	0.84	7.76	0.13	1.20	0.71	6.56	5.26	48.57	5.24	48.38	0.02	0.18	192.95	5.01	2.57	70.59
建宁县溪源乡卫生院	9.71	4.24	43.67	0.44	4.53	2.26	23.27	1.54	15.86	0.76	7.83	0.12	1.24	0.64	6.59	4.71	48.51	4.69	48.30	0.02	0.21	189.64	5.09	2.52	69.23
建宁县濉城社区卫生服务中心	30.65	13.38	43.65	1.38	4.50	7.15	23.33	4.85	15.82	2.38	7.77	0.37	1.21	2.01	6.56	14.89	48.58	14.83	48.38	0.06	0.20	196.14	4.93	2.60	80.00
建宁县城南社区卫生服务中心	28.42	12.41	43.67	1.28	4.50	6.63	23.33	4.50	15.83	2.21	7.78	0.34	1.20	1.87	6.58	13.80	48.56	13.75	48.38	0.05	0.18	193.28	4.95	2.56	78.26
建宁县城关社区卫生服务站	15.84	6.92	43.69	0.71	4.48	3.70	23.36	2.51	15.85	1.23	7.77	0.19	1.20	1.04	6.57	7.69	48.55	7.66	48.36	0.03	0.19	190.86	5.03	2.53	71.43
备注：其中门急诊人次数均不含体检及疫苗接种人次
